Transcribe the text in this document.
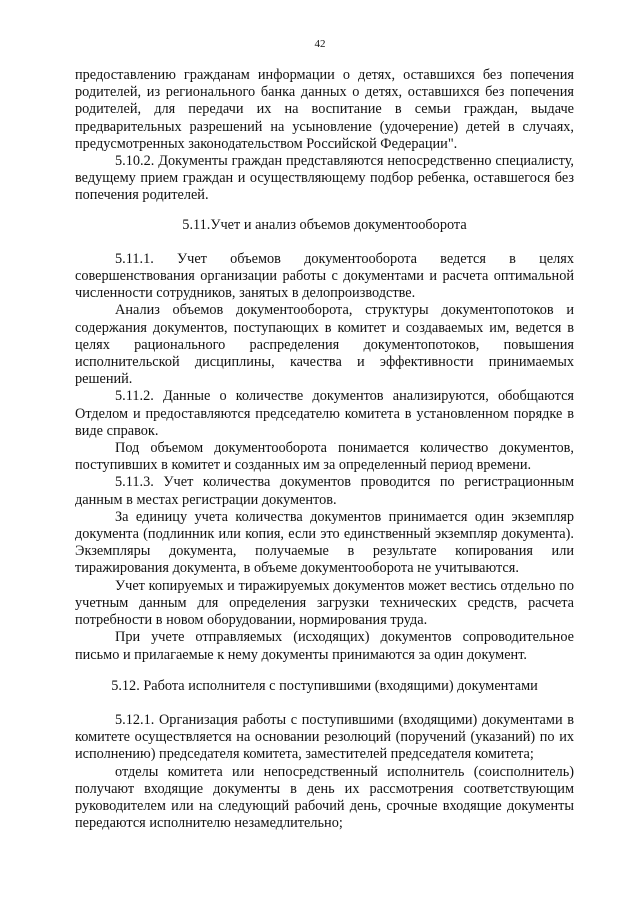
42

предоставлению гражданам информации о детях, оставшихся без попечения родителей, из регионального банка данных о детях, оставшихся без попечения родителей, для передачи их на воспитание в семьи граждан, выдаче предварительных разрешений на усыновление (удочерение) детей в случаях, предусмотренных законодательством Российской Федерации".

5.10.2. Документы граждан представляются непосредственно специалисту, ведущему прием граждан и осуществляющему подбор ребенка, оставшегося без попечения родителей.

5.11.Учет и анализ объемов документооборота

5.11.1. Учет объемов документооборота ведется в целях совершенствования организации работы с документами и расчета оптимальной численности сотрудников, занятых в делопроизводстве.

Анализ объемов документооборота, структуры документопотоков и содержания документов, поступающих в комитет и создаваемых им, ведется в целях рационального распределения документопотоков, повышения исполнительской дисциплины, качества и эффективности принимаемых решений.

5.11.2. Данные о количестве документов анализируются, обобщаются Отделом и предоставляются председателю комитета в установленном порядке в виде справок.

Под объемом документооборота понимается количество документов, поступивших в комитет и созданных им за определенный период времени.

5.11.3. Учет количества документов проводится по регистрационным данным в местах регистрации документов.

За единицу учета количества документов принимается один экземпляр документа (подлинник или копия, если это единственный экземпляр документа). Экземпляры документа, получаемые в результате копирования или тиражирования документа, в объеме документооборота не учитываются.

Учет копируемых и тиражируемых документов может вестись отдельно по учетным данным для определения загрузки технических средств, расчета потребности в новом оборудовании, нормирования труда.

При учете отправляемых (исходящих) документов сопроводительное письмо и прилагаемые к нему документы принимаются за один документ.

5.12. Работа исполнителя с поступившими (входящими) документами

5.12.1. Организация работы с поступившими (входящими) документами в комитете осуществляется на основании резолюций (поручений (указаний) по их исполнению) председателя комитета, заместителей председателя комитета;

отделы комитета или непосредственный исполнитель (соисполнитель) получают входящие документы в день их рассмотрения соответствующим руководителем или на следующий рабочий день, срочные входящие документы передаются исполнителю незамедлительно;
